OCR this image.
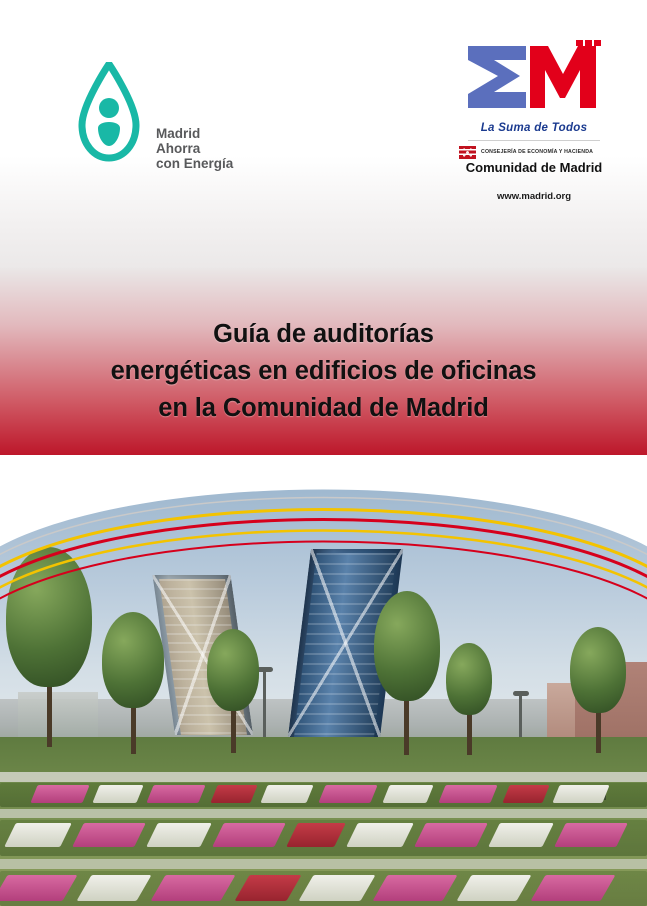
Madrid
Ahorra
con Energía
La Suma de Todos
CONSEJERÍA DE ECONOMÍA Y HACIENDA
Comunidad de Madrid
www.madrid.org
Guía de auditorías
energéticas en edificios de oficinas
en la Comunidad de Madrid
